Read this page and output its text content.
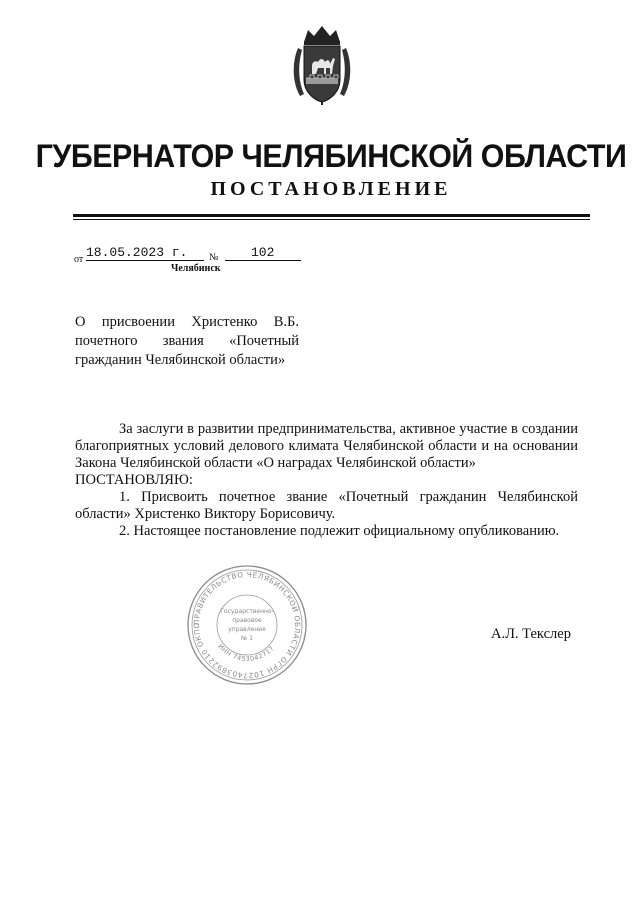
ГУБЕРНАТОР ЧЕЛЯБИНСКОЙ ОБЛАСТИ
ПОСТАНОВЛЕНИЕ
от 18.05.2023 г.	№	102
Челябинск
О присвоении Христенко В.Б. почетного звания «Почетный гражданин Челябинской области»

За заслуги в развитии предпринимательства, активное участие в создании благоприятных условий делового климата Челябинской области и на основании Закона Челябинской области «О наградах Челябинской области»

ПОСТАНОВЛЯЮ:

1. Присвоить почетное звание «Почетный гражданин Челябинской области» Христенко Виктору Борисовичу.

2. Настоящее постановление подлежит официальному опубликованию.

ПРАВИТЕЛЬСТВО ЧЕЛЯБИНСКОЙ ОБЛАСТИ ОГРН 1027403892210 ОКПО
ИНН 7453042717
Государственно-
правовое
управление
№ 1	А.Л. Текслер
